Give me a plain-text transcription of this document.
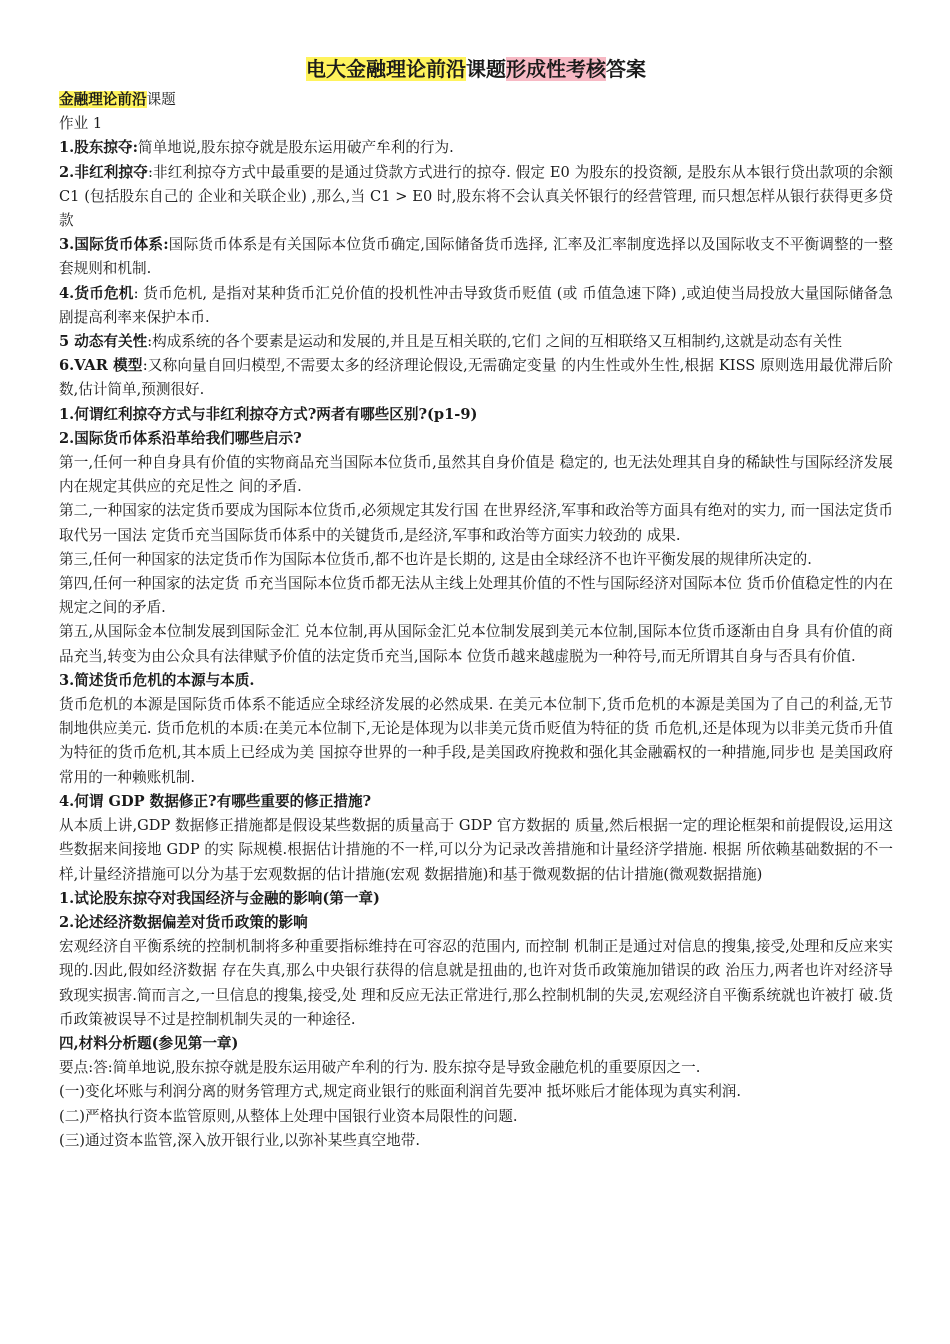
电大金融理论前沿课题形成性考核答案

金融理论前沿课题

作业 1

1.股东掠夺:简单地说,股东掠夺就是股东运用破产牟利的行为.

2.非红利掠夺:非红利掠夺方式中最重要的是通过贷款方式进行的掠夺. 假定 E0 为股东的投资额, 是股东从本银行贷出款项的余额 C1 (包括股东自己的 企业和关联企业) ,那么,当 C1 > E0 时,股东将不会认真关怀银行的经营管理, 而只想怎样从银行获得更多贷款

3.国际货币体系:国际货币体系是有关国际本位货币确定,国际储备货币选择, 汇率及汇率制度选择以及国际收支不平衡调整的一整套规则和机制.

4.货币危机: 货币危机, 是指对某种货币汇兑价值的投机性冲击导致货币贬值 (或 币值急速下降) ,或迫使当局投放大量国际储备急剧提高利率来保护本币.

5 动态有关性:构成系统的各个要素是运动和发展的,并且是互相关联的,它们 之间的互相联络又互相制约,这就是动态有关性

6.VAR 模型:又称向量自回归模型,不需要太多的经济理论假设,无需确定变量 的内生性或外生性,根据 KISS 原则选用最优滞后阶数,估计简单,预测很好.

1.何谓红利掠夺方式与非红利掠夺方式?两者有哪些区别?(p1-9)

2.国际货币体系沿革给我们哪些启示?

第一,任何一种自身具有价值的实物商品充当国际本位货币,虽然其自身价值是 稳定的, 也无法处理其自身的稀缺性与国际经济发展内在规定其供应的充足性之 间的矛盾.

第二,一种国家的法定货币要成为国际本位货币,必须规定其发行国 在世界经济,军事和政治等方面具有绝对的实力, 而一国法定货币取代另一国法 定货币充当国际货币体系中的关键货币,是经济,军事和政治等方面实力较劲的 成果.

第三,任何一种国家的法定货币作为国际本位货币,都不也许是长期的, 这是由全球经济不也许平衡发展的规律所决定的.

第四,任何一种国家的法定货 币充当国际本位货币都无法从主线上处理其价值的不性与国际经济对国际本位 货币价值稳定性的内在规定之间的矛盾.

第五,从国际金本位制发展到国际金汇 兑本位制,再从国际金汇兑本位制发展到美元本位制,国际本位货币逐渐由自身 具有价值的商品充当,转变为由公众具有法律赋予价值的法定货币充当,国际本 位货币越来越虚脱为一种符号,而无所谓其自身与否具有价值.

3.简述货币危机的本源与本质.

货币危机的本源是国际货币体系不能适应全球经济发展的必然成果. 在美元本位制下,货币危机的本源是美国为了自己的利益,无节制地供应美元. 货币危机的本质:在美元本位制下,无论是体现为以非美元货币贬值为特征的货 币危机,还是体现为以非美元货币升值为特征的货币危机,其本质上已经成为美 国掠夺世界的一种手段,是美国政府挽救和强化其金融霸权的一种措施,同步也 是美国政府常用的一种赖账机制.

4.何谓 GDP 数据修正?有哪些重要的修正措施?

从本质上讲,GDP 数据修正措施都是假设某些数据的质量高于 GDP 官方数据的 质量,然后根据一定的理论框架和前提假设,运用这些数据来间接地 GDP 的实 际规模.根据估计措施的不一样,可以分为记录改善措施和计量经济学措施. 根据 所依赖基础数据的不一样,计量经济措施可以分为基于宏观数据的估计措施(宏观 数据措施)和基于微观数据的估计措施(微观数据措施)

1.试论股东掠夺对我国经济与金融的影响(第一章)

2.论述经济数据偏差对货币政策的影响

宏观经济自平衡系统的控制机制将多种重要指标维持在可容忍的范围内, 而控制 机制正是通过对信息的搜集,接受,处理和反应来实现的.因此,假如经济数据 存在失真,那么中央银行获得的信息就是扭曲的,也许对货币政策施加错误的政 治压力,两者也许对经济导致现实损害.简而言之,一旦信息的搜集,接受,处 理和反应无法正常进行,那么控制机制的失灵,宏观经济自平衡系统就也许被打 破.货币政策被误导不过是控制机制失灵的一种途径.

四,材料分析题(参见第一章)

要点:答:简单地说,股东掠夺就是股东运用破产牟利的行为. 股东掠夺是导致金融危机的重要原因之一.

(一)变化坏账与利润分离的财务管理方式,规定商业银行的账面利润首先要冲 抵坏账后才能体现为真实利润.

(二)严格执行资本监管原则,从整体上处理中国银行业资本局限性的问题.

(三)通过资本监管,深入放开银行业,以弥补某些真空地带.
